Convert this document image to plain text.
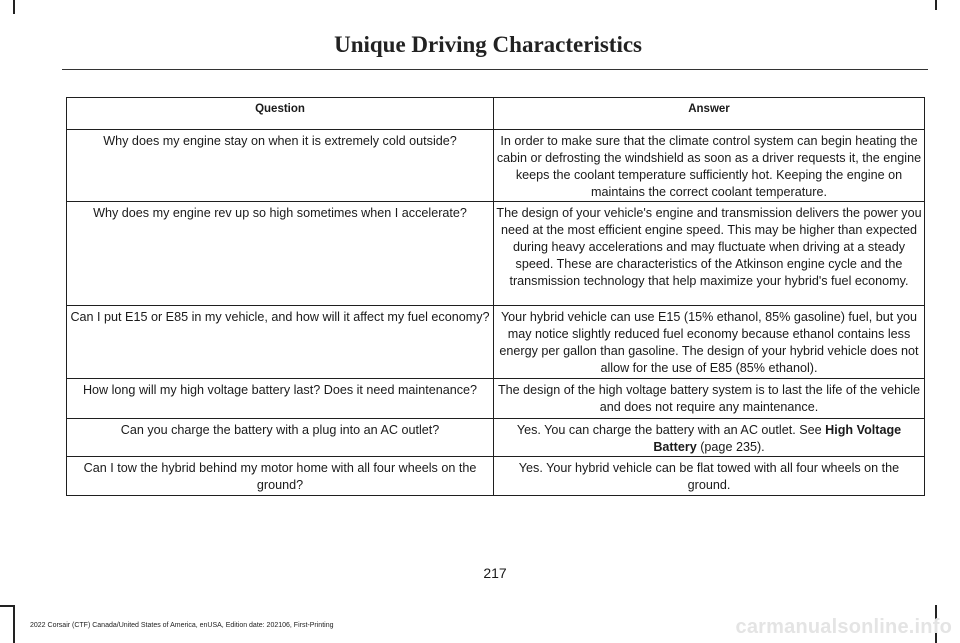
Unique Driving Characteristics
Question	Answer
Why does my engine stay on when it is extremely cold outside?	In order to make sure that the climate control system can begin heating the cabin or defrosting the windshield as soon as a driver requests it, the engine keeps the coolant temperature sufficiently hot. Keeping the engine on maintains the correct coolant temperature.
Why does my engine rev up so high sometimes when I accelerate?	The design of your vehicle's engine and transmission delivers the power you need at the most efficient engine speed. This may be higher than expected during heavy accelerations and may fluctuate when driving at a steady speed. These are characteristics of the Atkinson engine cycle and the transmission technology that help maximize your hybrid's fuel economy.
Can I put E15 or E85 in my vehicle, and how will it affect my fuel economy?	Your hybrid vehicle can use E15 (15% ethanol, 85% gasoline) fuel, but you may notice slightly reduced fuel economy because ethanol contains less energy per gallon than gasoline. The design of your hybrid vehicle does not allow for the use of E85 (85% ethanol).
How long will my high voltage battery last? Does it need maintenance?	The design of the high voltage battery system is to last the life of the vehicle and does not require any maintenance.
Can you charge the battery with a plug into an AC outlet?	Yes. You can charge the battery with an AC outlet. See High Voltage Battery (page 235).
Can I tow the hybrid behind my motor home with all four wheels on the ground?	Yes. Your hybrid vehicle can be flat towed with all four wheels on the ground.
217
2022 Corsair (CTF) Canada/United States of America, enUSA, Edition date: 202106, First-Printing	carmanualsonline.info
